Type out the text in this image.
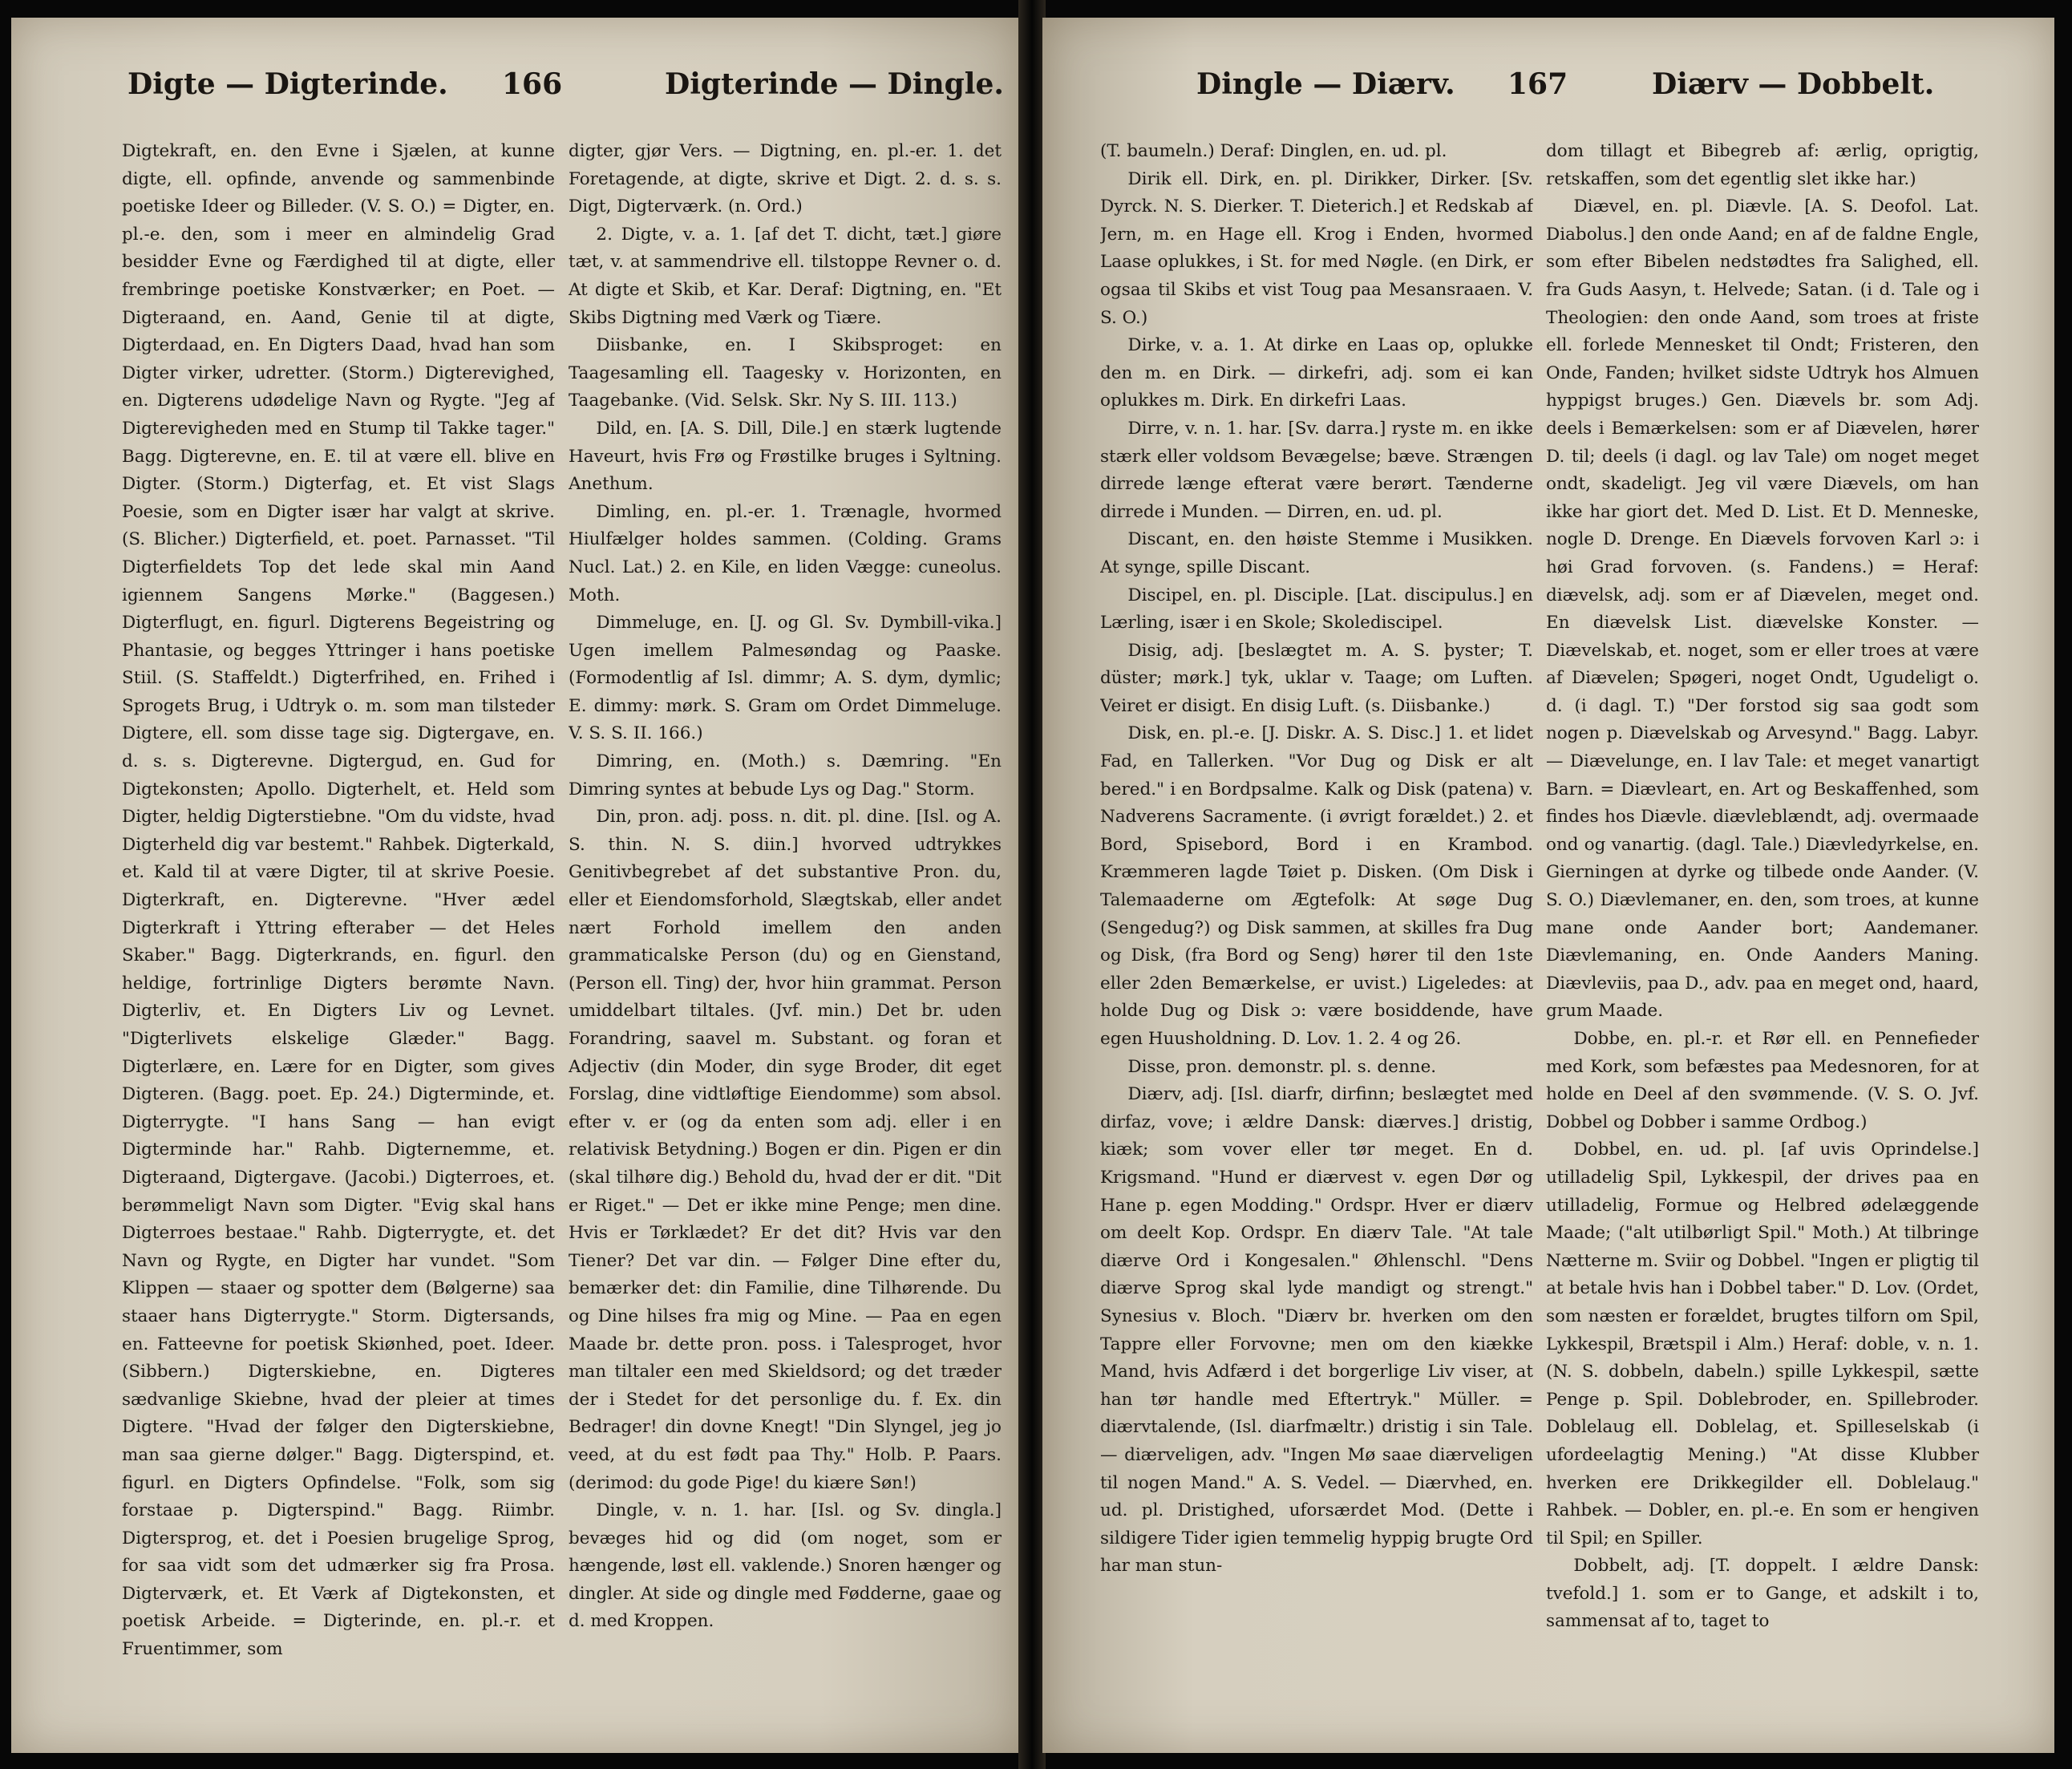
Digte — Digterinde. 166	Digterinde — Dingle.

Digtekraft, en. den Evne i Sjælen, at kunne digte, ell. opfinde, anvende og sammenbinde poetiske Ideer og Billeder. (V. S. O.) = Digter, en. pl.-e. den, som i meer en almindelig Grad besidder Evne og Færdighed til at digte, eller frembringe poetiske Konstværker; en Poet. — Digteraand, en. Aand, Genie til at digte, Digterdaad, en. En Digters Daad, hvad han som Digter virker, udretter. (Storm.) Digterevighed, en. Digterens udødelige Navn og Rygte. "Jeg af Digterevigheden med en Stump til Takke tager." Bagg. Digterevne, en. E. til at være ell. blive en Digter. (Storm.) Digterfag, et. Et vist Slags Poesie, som en Digter især har valgt at skrive. (S. Blicher.) Digterfield, et. poet. Parnasset. "Til Digterfieldets Top det lede skal min Aand igiennem Sangens Mørke." (Baggesen.) Digterflugt, en. figurl. Digterens Begeistring og Phantasie, og begges Yttringer i hans poetiske Stiil. (S. Staffeldt.) Digterfrihed, en. Frihed i Sprogets Brug, i Udtryk o. m. som man tilsteder Digtere, ell. som disse tage sig. Digtergave, en. d. s. s. Digterevne. Digtergud, en. Gud for Digtekonsten; Apollo. Digterhelt, et. Held som Digter, heldig Digterstiebne. "Om du vidste, hvad Digterheld dig var bestemt." Rahbek. Digterkald, et. Kald til at være Digter, til at skrive Poesie. Digterkraft, en. Digterevne. "Hver ædel Digterkraft i Yttring efteraber — det Heles Skaber." Bagg. Digterkrands, en. figurl. den heldige, fortrinlige Digters berømte Navn. Digterliv, et. En Digters Liv og Levnet. "Digterlivets elskelige Glæder." Bagg. Digterlære, en. Lære for en Digter, som gives Digteren. (Bagg. poet. Ep. 24.) Digterminde, et. Digterrygte. "I hans Sang — han evigt Digterminde har." Rahb. Digternemme, et. Digteraand, Digtergave. (Jacobi.) Digterroes, et. berømmeligt Navn som Digter. "Evig skal hans Digterroes bestaae." Rahb. Digterrygte, et. det Navn og Rygte, en Digter har vundet. "Som Klippen — staaer og spotter dem (Bølgerne) saa staaer hans Digterrygte." Storm. Digtersands, en. Fatteevne for poetisk Skiønhed, poet. Ideer. (Sibbern.) Digterskiebne, en. Digteres sædvanlige Skiebne, hvad der pleier at times Digtere. "Hvad der følger den Digterskiebne, man saa gierne dølger." Bagg. Digterspind, et. figurl. en Digters Opfindelse. "Folk, som sig forstaae p. Digterspind." Bagg. Riimbr. Digtersprog, et. det i Poesien brugelige Sprog, for saa vidt som det udmærker sig fra Prosa. Digterværk, et. Et Værk af Digtekonsten, et poetisk Arbeide. = Digterinde, en. pl.-r. et Fruentimmer, som

digter, gjør Vers. — Digtning, en. pl.-er. 1. det Foretagende, at digte, skrive et Digt. 2. d. s. s. Digt, Digterværk. (n. Ord.)

2. Digte, v. a. 1. [af det T. dicht, tæt.] giøre tæt, v. at sammendrive ell. tilstoppe Revner o. d. At digte et Skib, et Kar. Deraf: Digtning, en. "Et Skibs Digtning med Værk og Tiære.

Diisbanke, en. I Skibsproget: en Taagesamling ell. Taagesky v. Horizonten, en Taagebanke. (Vid. Selsk. Skr. Ny S. III. 113.)

Dild, en. [A. S. Dill, Dile.] en stærk lugtende Haveurt, hvis Frø og Frøstilke bruges i Syltning. Anethum.

Dimling, en. pl.-er. 1. Trænagle, hvormed Hiulfælger holdes sammen. (Colding. Grams Nucl. Lat.) 2. en Kile, en liden Vægge: cuneolus. Moth.

Dimmeluge, en. [J. og Gl. Sv. Dymbill-vika.] Ugen imellem Palmesøndag og Paaske. (Formodentlig af Isl. dimmr; A. S. dym, dymlic; E. dimmy: mørk. S. Gram om Ordet Dimmeluge. V. S. S. II. 166.)

Dimring, en. (Moth.) s. Dæmring. "En Dimring syntes at bebude Lys og Dag." Storm.

Din, pron. adj. poss. n. dit. pl. dine. [Isl. og A. S. thin. N. S. diin.] hvorved udtrykkes Genitivbegrebet af det substantive Pron. du, eller et Eiendomsforhold, Slægtskab, eller andet nært Forhold imellem den anden grammaticalske Person (du) og en Gienstand, (Person ell. Ting) der, hvor hiin grammat. Person umiddelbart tiltales. (Jvf. min.) Det br. uden Forandring, saavel m. Substant. og foran et Adjectiv (din Moder, din syge Broder, dit eget Forslag, dine vidtløftige Eiendomme) som absol. efter v. er (og da enten som adj. eller i en relativisk Betydning.) Bogen er din. Pigen er din (skal tilhøre dig.) Behold du, hvad der er dit. "Dit er Riget." — Det er ikke mine Penge; men dine. Hvis er Tørklædet? Er det dit? Hvis var den Tiener? Det var din. — Følger Dine efter du, bemærker det: din Familie, dine Tilhørende. Du og Dine hilses fra mig og Mine. — Paa en egen Maade br. dette pron. poss. i Talesproget, hvor man tiltaler een med Skieldsord; og det træder der i Stedet for det personlige du. f. Ex. din Bedrager! din dovne Knegt! "Din Slyngel, jeg jo veed, at du est født paa Thy." Holb. P. Paars. (derimod: du gode Pige! du kiære Søn!)

Dingle, v. n. 1. har. [Isl. og Sv. dingla.] bevæges hid og did (om noget, som er hængende, løst ell. vaklende.) Snoren hænger og dingler. At side og dingle med Fødderne, gaae og d. med Kroppen.

Dingle — Diærv. 167	Diærv — Dobbelt.

(T. baumeln.) Deraf: Dinglen, en. ud. pl.

Dirik ell. Dirk, en. pl. Dirikker, Dirker. [Sv. Dyrck. N. S. Dierker. T. Dieterich.] et Redskab af Jern, m. en Hage ell. Krog i Enden, hvormed Laase oplukkes, i St. for med Nøgle. (en Dirk, er ogsaa til Skibs et vist Toug paa Mesansraaen. V. S. O.)

Dirke, v. a. 1. At dirke en Laas op, oplukke den m. en Dirk. — dirkefri, adj. som ei kan oplukkes m. Dirk. En dirkefri Laas.

Dirre, v. n. 1. har. [Sv. darra.] ryste m. en ikke stærk eller voldsom Bevægelse; bæve. Strængen dirrede længe efterat være berørt. Tænderne dirrede i Munden. — Dirren, en. ud. pl.

Discant, en. den høiste Stemme i Musikken. At synge, spille Discant.

Discipel, en. pl. Disciple. [Lat. discipulus.] en Lærling, især i en Skole; Skolediscipel.

Disig, adj. [beslægtet m. A. S. þyster; T. düster; mørk.] tyk, uklar v. Taage; om Luften. Veiret er disigt. En disig Luft. (s. Diisbanke.)

Disk, en. pl.-e. [J. Diskr. A. S. Disc.] 1. et lidet Fad, en Tallerken. "Vor Dug og Disk er alt bered." i en Bordpsalme. Kalk og Disk (patena) v. Nadverens Sacramente. (i øvrigt forældet.) 2. et Bord, Spisebord, Bord i en Krambod. Kræmmeren lagde Tøiet p. Disken. (Om Disk i Talemaaderne om Ægtefolk: At søge Dug (Sengedug?) og Disk sammen, at skilles fra Dug og Disk, (fra Bord og Seng) hører til den 1ste eller 2den Bemærkelse, er uvist.) Ligeledes: at holde Dug og Disk ɔ: være bosiddende, have egen Huusholdning. D. Lov. 1. 2. 4 og 26.

Disse, pron. demonstr. pl. s. denne.

Diærv, adj. [Isl. diarfr, dirfinn; beslægtet med dirfaz, vove; i ældre Dansk: diærves.] dristig, kiæk; som vover eller tør meget. En d. Krigsmand. "Hund er diærvest v. egen Dør og Hane p. egen Modding." Ordspr. Hver er diærv om deelt Kop. Ordspr. En diærv Tale. "At tale diærve Ord i Kongesalen." Øhlenschl. "Dens diærve Sprog skal lyde mandigt og strengt." Synesius v. Bloch. "Diærv br. hverken om den Tappre eller Forvovne; men om den kiække Mand, hvis Adfærd i det borgerlige Liv viser, at han tør handle med Eftertryk." Müller. = diærvtalende, (Isl. diarfmæltr.) dristig i sin Tale. — diærveligen, adv. "Ingen Mø saae diærveligen til nogen Mand." A. S. Vedel. — Diærvhed, en. ud. pl. Dristighed, uforsærdet Mod. (Dette i sildigere Tider igien temmelig hyppig brugte Ord har man stun-

dom tillagt et Bibegreb af: ærlig, oprigtig, retskaffen, som det egentlig slet ikke har.)

Diævel, en. pl. Diævle. [A. S. Deofol. Lat. Diabolus.] den onde Aand; en af de faldne Engle, som efter Bibelen nedstødtes fra Salighed, ell. fra Guds Aasyn, t. Helvede; Satan. (i d. Tale og i Theologien: den onde Aand, som troes at friste ell. forlede Mennesket til Ondt; Fristeren, den Onde, Fanden; hvilket sidste Udtryk hos Almuen hyppigst bruges.) Gen. Diævels br. som Adj. deels i Bemærkelsen: som er af Diævelen, hører D. til; deels (i dagl. og lav Tale) om noget meget ondt, skadeligt. Jeg vil være Diævels, om han ikke har giort det. Med D. List. Et D. Menneske, nogle D. Drenge. En Diævels forvoven Karl ɔ: i høi Grad forvoven. (s. Fandens.) = Heraf: diævelsk, adj. som er af Diævelen, meget ond. En diævelsk List. diævelske Konster. — Diævelskab, et. noget, som er eller troes at være af Diævelen; Spøgeri, noget Ondt, Ugudeligt o. d. (i dagl. T.) "Der forstod sig saa godt som nogen p. Diævelskab og Arvesynd." Bagg. Labyr. — Diævelunge, en. I lav Tale: et meget vanartigt Barn. = Diævleart, en. Art og Beskaffenhed, som findes hos Diævle. diævleblændt, adj. overmaade ond og vanartig. (dagl. Tale.) Diævledyrkelse, en. Gierningen at dyrke og tilbede onde Aander. (V. S. O.) Diævlemaner, en. den, som troes, at kunne mane onde Aander bort; Aandemaner. Diævlemaning, en. Onde Aanders Maning. Diævleviis, paa D., adv. paa en meget ond, haard, grum Maade.

Dobbe, en. pl.-r. et Rør ell. en Pennefieder med Kork, som befæstes paa Medesnoren, for at holde en Deel af den svømmende. (V. S. O. Jvf. Dobbel og Dobber i samme Ordbog.)

Dobbel, en. ud. pl. [af uvis Oprindelse.] utilladelig Spil, Lykkespil, der drives paa en utilladelig, Formue og Helbred ødelæggende Maade; ("alt utilbørligt Spil." Moth.) At tilbringe Nætterne m. Sviir og Dobbel. "Ingen er pligtig til at betale hvis han i Dobbel taber." D. Lov. (Ordet, som næsten er forældet, brugtes tilforn om Spil, Lykkespil, Brætspil i Alm.) Heraf: doble, v. n. 1. (N. S. dobbeln, dabeln.) spille Lykkespil, sætte Penge p. Spil. Doblebroder, en. Spillebroder. Doblelaug ell. Doblelag, et. Spilleselskab (i ufordeelagtig Mening.) "At disse Klubber hverken ere Drikkegilder ell. Doblelaug." Rahbek. — Dobler, en. pl.-e. En som er hengiven til Spil; en Spiller.

Dobbelt, adj. [T. doppelt. I ældre Dansk: tvefold.] 1. som er to Gange, et adskilt i to, sammensat af to, taget to
